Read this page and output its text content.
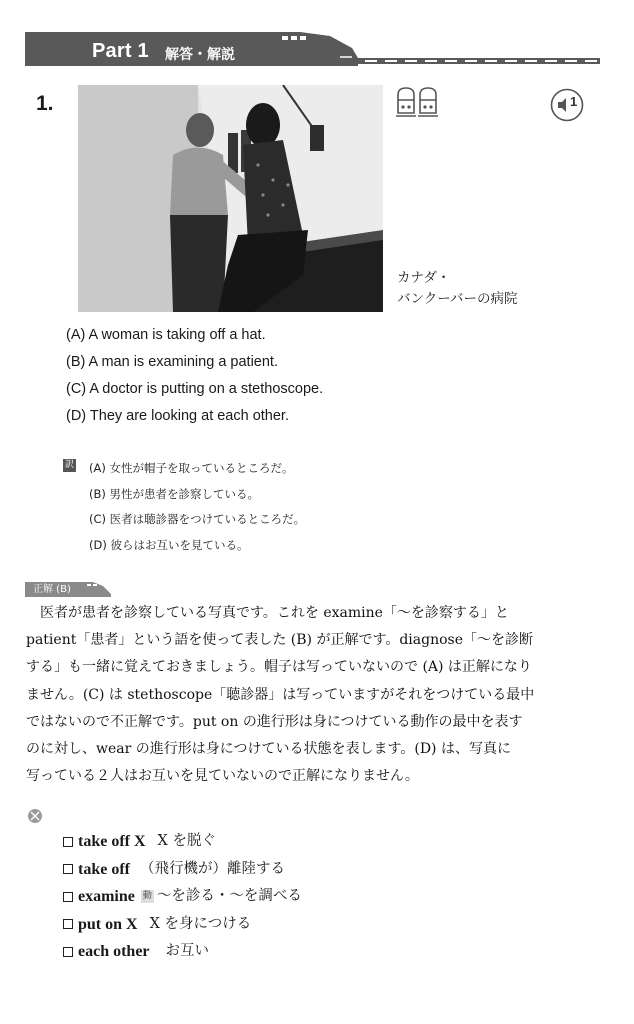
Part 1 解答・解説
1.	1
カナダ・
バンクーバーの病院
(A) A woman is taking off a hat.
(B) A man is examining a patient.
(C) A doctor is putting on a stethoscope.
(D) They are looking at each other.
訳 (A) 女性が帽子を取っているところだ。
(B) 男性が患者を診察している。
(C) 医者は聴診器をつけているところだ。
(D) 彼らはお互いを見ている。
正解 (B)
医者が患者を診察している写真です。これを examine「～を診察する」と
patient「患者」という語を使って表した (B) が正解です。diagnose「～を診断
する」も一緒に覚えておきましょう。帽子は写っていないので (A) は正解になり
ません。(C) は stethoscope「聴診器」は写っていますがそれをつけている最中
ではないので不正解です。put on の進行形は身につけている動作の最中を表す
のに対し、wear の進行形は身につけている状態を表します。(D) は、写真に
写っている２人はお互いを見ていないので正解になりません。
take off X X を脱ぐ
take off （飛行機が）離陸する
examine 動 ～を診る・～を調べる
put on X X を身につける
each other お互い
